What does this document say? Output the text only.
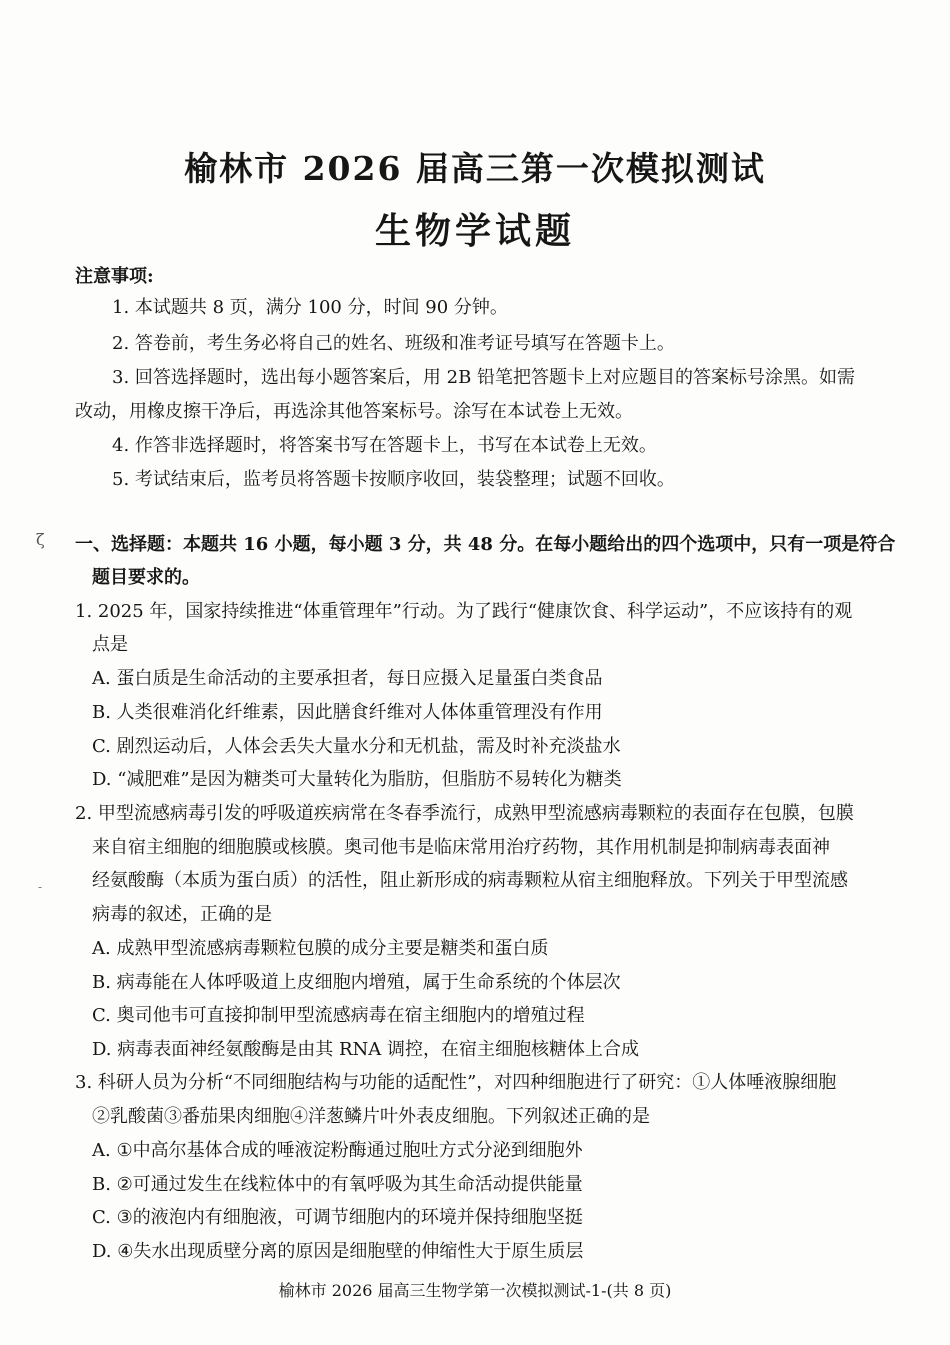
榆林市 2026 届高三第一次模拟测试
生物学试题
注意事项:
1. 本试题共 8 页，满分 100 分，时间 90 分钟。
2. 答卷前，考生务必将自己的姓名、班级和准考证号填写在答题卡上。
3. 回答选择题时，选出每小题答案后，用 2B 铅笔把答题卡上对应题目的答案标号涂黑。如需
改动，用橡皮擦干净后，再选涂其他答案标号。涂写在本试卷上无效。
4. 作答非选择题时，将答案书写在答题卡上，书写在本试卷上无效。
5. 考试结束后，监考员将答题卡按顺序收回，装袋整理；试题不回收。
ζ 一、选择题：本题共 16 小题，每小题 3 分，共 48 分。在每小题给出的四个选项中，只有一项是符合
题目要求的。
1. 2025 年，国家持续推进“体重管理年”行动。为了践行“健康饮食、科学运动”，不应该持有的观
点是
A. 蛋白质是生命活动的主要承担者，每日应摄入足量蛋白类食品
B. 人类很难消化纤维素，因此膳食纤维对人体体重管理没有作用
C. 剧烈运动后，人体会丢失大量水分和无机盐，需及时补充淡盐水
D. “减肥难”是因为糖类可大量转化为脂肪，但脂肪不易转化为糖类
2. 甲型流感病毒引发的呼吸道疾病常在冬春季流行，成熟甲型流感病毒颗粒的表面存在包膜，包膜
来自宿主细胞的细胞膜或核膜。奥司他韦是临床常用治疗药物，其作用机制是抑制病毒表面神
-	经氨酸酶（本质为蛋白质）的活性，阻止新形成的病毒颗粒从宿主细胞释放。下列关于甲型流感
病毒的叙述，正确的是
A. 成熟甲型流感病毒颗粒包膜的成分主要是糖类和蛋白质
B. 病毒能在人体呼吸道上皮细胞内增殖，属于生命系统的个体层次
C. 奥司他韦可直接抑制甲型流感病毒在宿主细胞内的增殖过程
D. 病毒表面神经氨酸酶是由其 RNA 调控，在宿主细胞核糖体上合成
3. 科研人员为分析“不同细胞结构与功能的适配性”，对四种细胞进行了研究：①人体唾液腺细胞
②乳酸菌③番茄果肉细胞④洋葱鳞片叶外表皮细胞。下列叙述正确的是
A. ①中高尔基体合成的唾液淀粉酶通过胞吐方式分泌到细胞外
B. ②可通过发生在线粒体中的有氧呼吸为其生命活动提供能量
C. ③的液泡内有细胞液，可调节细胞内的环境并保持细胞坚挺
D. ④失水出现质壁分离的原因是细胞壁的伸缩性大于原生质层
榆林市 2026 届高三生物学第一次模拟测试-1-(共 8 页)
